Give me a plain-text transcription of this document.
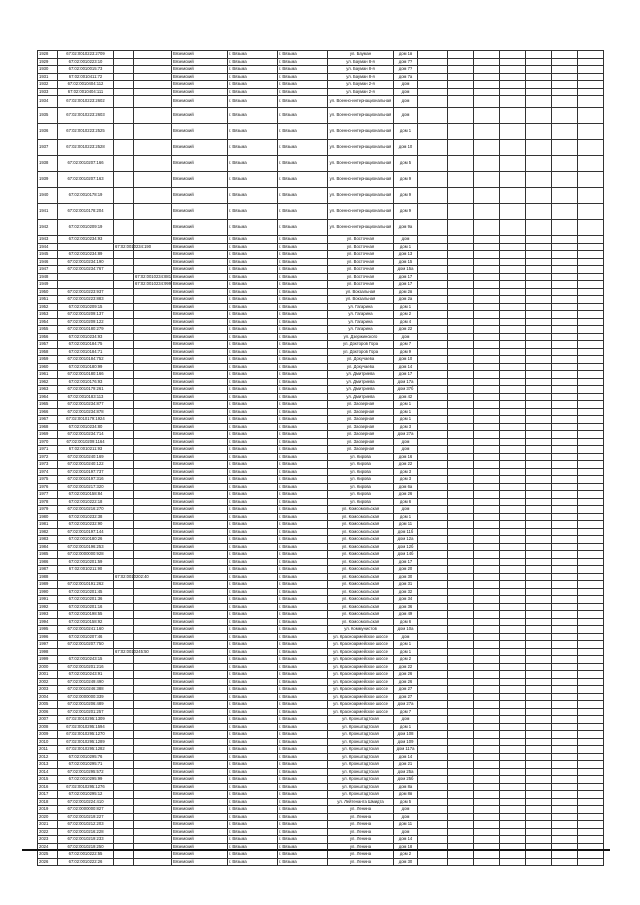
1928	67:02:0010223:2709			Вяземский	г. Вязьма	г. Вязьма	ул. Бауман	дом 1в							
1929	67:02:0010223:10			Вяземский	г. Вязьма	г. Вязьма	ул. Бауман 8-я	дом 7?							
1930	67:02:0010015:73			Вяземский	г. Вязьма	г. Вязьма	ул. Бауман 8-я	дом 7?							
1931	67:02:0010411:72			Вяземский	г. Вязьма	г. Вязьма	ул. Бауман 8-я	дом 7а							
1932	67:02:0010404:112			Вяземский	г. Вязьма	г. Вязьма	ул. Бауман 2-я	дом							
1933	67:02:0010404:111			Вяземский	г. Вязьма	г. Вязьма	ул. Бауман 2-я	дом							
1934	67:02:0010223:2602			Вяземский	г. Вязьма	г. Вязьма	ул. Военно-интернациональная	дом							
1935	67:02:0010223:2603			Вяземский	г. Вязьма	г. Вязьма	ул. Военно-интернациональная	дом							
1936	67:02:0010223:2525			Вяземский	г. Вязьма	г. Вязьма	ул. Военно-интернациональная	дом 1							
1937	67:02:0010223:2528			Вяземский	г. Вязьма	г. Вязьма	ул. Военно-интернациональная	дом 10							
1938	67:02:0010207:166			Вяземский	г. Вязьма	г. Вязьма	ул. Военно-интернациональная	дом 5							
1939	67:02:0010207:163			Вяземский	г. Вязьма	г. Вязьма	ул. Военно-интернациональная	дом 9							
1940	67:02:0010178:19			Вяземский	г. Вязьма	г. Вязьма	ул. Военно-интернациональная	дом 9							
1941	67:02:0010178:204			Вяземский	г. Вязьма	г. Вязьма	ул. Военно-интернациональная	дом 9							
1942	67:02:0010209:19			Вяземский	г. Вязьма	г. Вязьма	ул. Военно-интернациональная	дом 9а							
1943	67:02:0010234:93			Вяземский	г. Вязьма	г. Вязьма	ул. Восточная	дом							
1944		67:02:0010234:190		Вяземский	г. Вязьма	г. Вязьма	ул. Восточная	дом 1							
1945	67:02:0010234:89			Вяземский	г. Вязьма	г. Вязьма	ул. Восточная	дом 13							
1946	67:02:0010234:190			Вяземский	г. Вязьма	г. Вязьма	ул. Восточная	дом 15							
1947	67:02:0010234:767			Вяземский	г. Вязьма	г. Вязьма	ул. Восточная	дом 15а							
1948			67:02:0010234:881	Вяземский	г. Вязьма	г. Вязьма	ул. Восточная	дом 17							
1949			67:02:0010234:999	Вяземский	г. Вязьма	г. Вязьма	ул. Восточная	дом 17							
1950	67:02:0010223:937			Вяземский	г. Вязьма	г. Вязьма	ул. Вокзальная	дом 2в							
1951	67:02:0010223:883			Вяземский	г. Вязьма	г. Вязьма	ул. Вокзальная	дом 2а							
1952	67:02:0010209:15			Вяземский	г. Вязьма	г. Вязьма	ул. Гагарина	дом 1							
1953	67:02:0010209:137			Вяземский	г. Вязьма	г. Вязьма	ул. Гагарина	дом 2							
1954	67:02:0010209:122			Вяземский	г. Вязьма	г. Вязьма	ул. Гагарина	дом 4							
1955	67:02:0010180:279			Вяземский	г. Вязьма	г. Вязьма	ул. Гагарина	дом 22							
1956	67:02:0010234:93			Вяземский	г. Вязьма	г. Вязьма	ул. Дзержинского	дом							
1957	67:02:0010184:75			Вяземский	г. Вязьма	г. Вязьма	ул. Докторов Гора	дом 7							
1958	67:02:0010184:71			Вяземский	г. Вязьма	г. Вязьма	ул. Докторов Гора	дом 9							
1959	67:02:0010184:752			Вяземский	г. Вязьма	г. Вязьма	ул. Докучаева	дом 10							
1960	67:02:0010180:99			Вяземский	г. Вязьма	г. Вязьма	ул. Докучаева	дом 14							
1961	67:02:0010180:166			Вяземский	г. Вязьма	г. Вязьма	ул. Дмитриева	дом 17							
1962	67:02:0010176:93			Вяземский	г. Вязьма	г. Вязьма	ул. Дмитриева	дом 17а							
1963	67:02:0010179:261			Вяземский	г. Вязьма	г. Вязьма	ул. Дмитриева	дом 37б							
1964	67:02:0010183:113			Вяземский	г. Вязьма	г. Вязьма	ул. Дмитриева	дом 42							
1965	67:02:0010234:877			Вяземский	г. Вязьма	г. Вязьма	ул. Заозерная	дом 1							
1966	67:02:0010234:878			Вяземский	г. Вязьма	г. Вязьма	ул. Заозерная	дом 1							
1967	67:02:0010179:1924			Вяземский	г. Вязьма	г. Вязьма	ул. Заозерная	дом 1							
1968	67:02:0010234:80			Вяземский	г. Вязьма	г. Вязьма	ул. Заозерная	дом 3							
1969	67:02:0010234:714			Вяземский	г. Вязьма	г. Вязьма	ул. Заозерная	дом 27а							
1970	67:02:0010209:1164			Вяземский	г. Вязьма	г. Вязьма	ул. Заозерная	дом							
1971	67:02:0010211:93			Вяземский	г. Вязьма	г. Вязьма	ул. Заозерная	дом							
1972	67:02:0010240:169			Вяземский	г. Вязьма	г. Вязьма	ул. Кирова	дом 16							
1973	67:02:0010240:122			Вяземский	г. Вязьма	г. Вязьма	ул. Кирова	дом 22							
1974	67:02:0010197:737			Вяземский	г. Вязьма	г. Вязьма	ул. Кирова	дом 3							
1975	67:02:0010197:316			Вяземский	г. Вязьма	г. Вязьма	ул. Кирова	дом 3							
1976	67:02:0010217:320			Вяземский	г. Вязьма	г. Вязьма	ул. Кирова	дом 6а							
1977	67:02:0010158:84			Вяземский	г. Вязьма	г. Вязьма	ул. Кирова	дом 26							
1978	67:02:0010222:18			Вяземский	г. Вязьма	г. Вязьма	ул. Кирова	дом 6							
1979	67:02:0010216:270			Вяземский	г. Вязьма	г. Вязьма	ул. Комсомольская	дом							
1980	67:02:0010232:38			Вяземский	г. Вязьма	г. Вязьма	ул. Комсомольская	дом 1							
1981	67:02:0010232:90			Вяземский	г. Вязьма	г. Вязьма	ул. Комсомольская	дом 11							
1982	67:02:0010197:144			Вяземский	г. Вязьма	г. Вязьма	ул. Комсомольская	дом 11б							
1983	67:02:0010180:26			Вяземский	г. Вязьма	г. Вязьма	ул. Комсомольская	дом 12а							
1984	67:02:0010196:253			Вяземский	г. Вязьма	г. Вязьма	ул. Комсомольская	дом 12б							
1985	67:02:0000000:928			Вяземский	г. Вязьма	г. Вязьма	ул. Комсомольская	дом 14б							
1986	67:02:0010201:59			Вяземский	г. Вязьма	г. Вязьма	ул. Комсомольская	дом 17							
1987	67:02:0010211:90			Вяземский	г. Вязьма	г. Вязьма	ул. Комсомольская	дом 20							
1988		67:02:0010202:40		Вяземский	г. Вязьма	г. Вязьма	ул. Комсомольская	дом 30							
1989	67:02:0010191:262			Вяземский	г. Вязьма	г. Вязьма	ул. Комсомольская	дом 31							
1990	67:02:0010201:45			Вяземский	г. Вязьма	г. Вязьма	ул. Комсомольская	дом 32							
1991	67:02:0010201:36			Вяземский	г. Вязьма	г. Вязьма	ул. Комсомольская	дом 34							
1992	67:02:0010201:16			Вяземский	г. Вязьма	г. Вязьма	ул. Комсомольская	дом 36							
1993	67:02:0010198:55			Вяземский	г. Вязьма	г. Вязьма	ул. Комсомольская	дом 49							
1994	67:02:0010158:92			Вяземский	г. Вязьма	г. Вязьма	ул. Комсомольская	дом 6							
1995	67:02:0010241:160			Вяземский	г. Вязьма	г. Вязьма	ул. Коммунистов	дом 10а							
1996	67:02:0010207:46			Вяземский	г. Вязьма	г. Вязьма	ул. Красноармейское шоссе	дом							
1997	67:02:0010207:750			Вяземский	г. Вязьма	г. Вязьма	ул. Красноармейское шоссе	дом 1							
1998		67:02:0010245:50		Вяземский	г. Вязьма	г. Вязьма	ул. Красноармейское шоссе	дом 1							
1999	67:02:0010243:15			Вяземский	г. Вязьма	г. Вязьма	ул. Красноармейское шоссе	дом 2							
2000	67:02:0010201:216			Вяземский	г. Вязьма	г. Вязьма	ул. Красноармейское шоссе	дом 22							
2001	67:02:0010243:91			Вяземский	г. Вязьма	г. Вязьма	ул. Красноармейское шоссе	дом 26							
2002	67:02:0010249:490			Вяземский	г. Вязьма	г. Вязьма	ул. Красноармейское шоссе	дом 26							
2003	67:02:0010246:388			Вяземский	г. Вязьма	г. Вязьма	ул. Красноармейское шоссе	дом 27							
2004	67:02:0000000:339			Вяземский	г. Вязьма	г. Вязьма	ул. Красноармейское шоссе	дом 27							
2005	67:02:0010206:489			Вяземский	г. Вязьма	г. Вязьма	ул. Красноармейское шоссе	дом 27а							
2006	67:02:0010201:257			Вяземский	г. Вязьма	г. Вязьма	ул. Красноармейское шоссе	дом 7							
2007	67:02:0010295:1309			Вяземский	г. Вязьма	г. Вязьма	ул. Кронштадтская	дом							
2008	67:02:0010295:1594			Вяземский	г. Вязьма	г. Вязьма	ул. Кронштадтская	дом 1							
2009	67:02:0010295:1270			Вяземский	г. Вязьма	г. Вязьма	ул. Кронштадтская	дом 108							
2010	67:02:0010295:1289			Вяземский	г. Вязьма	г. Вязьма	ул. Кронштадтская	дом 109							
2011	67:02:0010295:1282			Вяземский	г. Вязьма	г. Вязьма	ул. Кронштадтская	дом 117а							
2012	67:02:0010295:76			Вяземский	г. Вязьма	г. Вязьма	ул. Кронштадтская	дом 14							
2013	67:02:0010295:71			Вяземский	г. Вязьма	г. Вязьма	ул. Кронштадтская	дом 21							
2014	67:02:0010295:572			Вяземский	г. Вязьма	г. Вязьма	ул. Кронштадтская	дом 25а							
2015	67:02:0010295:99			Вяземский	г. Вязьма	г. Вязьма	ул. Кронштадтская	дом 25б							
2016	67:02:0010295:1276			Вяземский	г. Вязьма	г. Вязьма	ул. Кронштадтская	дом 8а							
2017	67:02:0010295:12			Вяземский	г. Вязьма	г. Вязьма	ул. Кронштадтская	дом 8в							
2018	67:02:0010224:410			Вяземский	г. Вязьма	г. Вязьма	ул. Лейтенанта Шмидта	дом 5							
2019	67:02:0000000:827			Вяземский	г. Вязьма	г. Вязьма	ул. Ленина	дом							
2020	67:02:0010219:227			Вяземский	г. Вязьма	г. Вязьма	ул. Ленина	дом							
2021	67:02:0010212:203			Вяземский	г. Вязьма	г. Вязьма	ул. Ленина	дом 11							
2022	67:02:0010216:228			Вяземский	г. Вязьма	г. Вязьма	ул. Ленина	дом							
2023	67:02:0010219:233			Вяземский	г. Вязьма	г. Вязьма	ул. Ленина	дом 14							
2024	67:02:0010219:250			Вяземский	г. Вязьма	г. Вязьма	ул. Ленина	дом 18							
2025	67:02:0010222:55			Вяземский	г. Вязьма	г. Вязьма	ул. Ленина	дом 2							
2026	67:02:0010222:26			Вяземский	г. Вязьма	г. Вязьма	ул. Ленина	дом 30							
